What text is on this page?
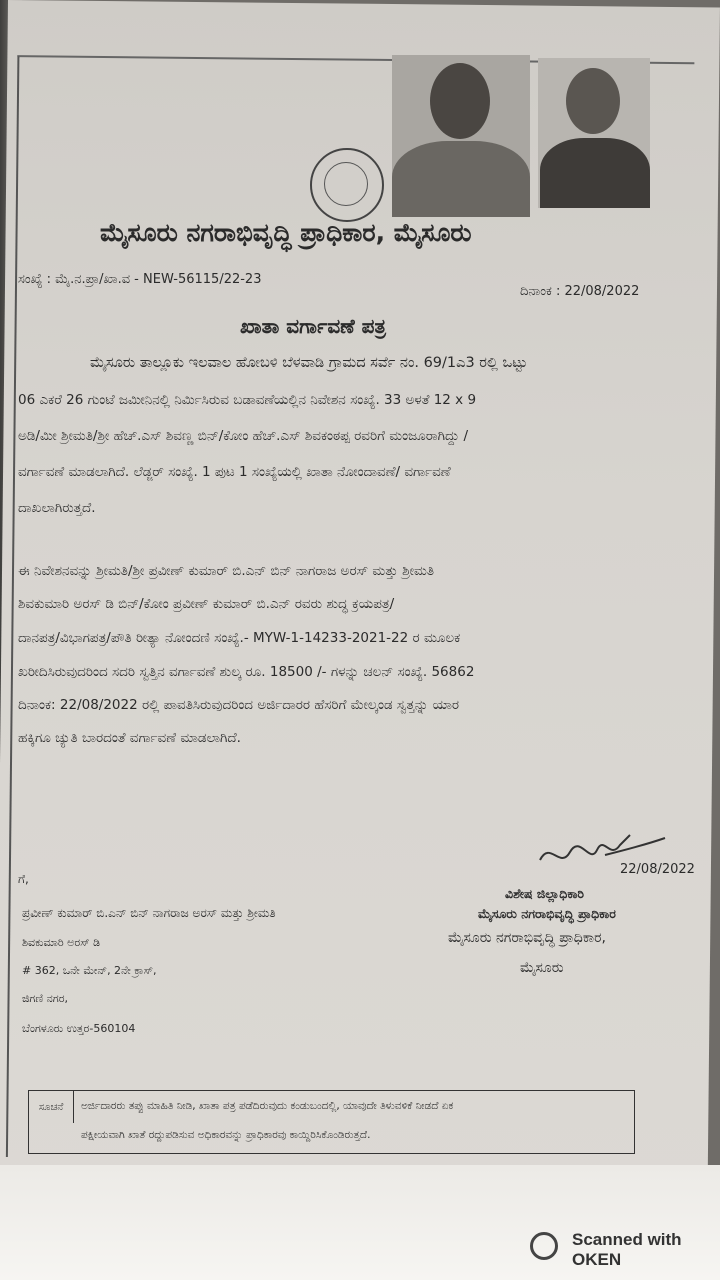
ಮೈಸೂರು ನಗರಾಭಿವೃದ್ಧಿ ಪ್ರಾಧಿಕಾರ, ಮೈಸೂರು
ಸಂಖ್ಯೆ : ಮೈ.ನ.ಪ್ರಾ/ಖಾ.ವ - NEW-56115/22-23
ದಿನಾಂಕ : 22/08/2022
ಖಾತಾ ವರ್ಗಾವಣೆ ಪತ್ರ
ಮೈಸೂರು ತಾಲ್ಲೂಕು ಇಲವಾಲ ಹೋಬಳಿ ಬೆಳವಾಡಿ ಗ್ರಾಮದ ಸರ್ವೆ ನಂ. 69/1ಎ3 ರಲ್ಲಿ ಒಟ್ಟು
06 ಎಕರೆ 26 ಗುಂಟೆ ಜಮೀನಿನಲ್ಲಿ ನಿರ್ಮಿಸಿರುವ ಬಡಾವಣೆಯಲ್ಲಿನ ನಿವೇಶನ ಸಂಖ್ಯೆ. 33 ಅಳತೆ 12 x 9
ಅಡಿ/ಮೀ ಶ್ರೀಮತಿ/ಶ್ರೀ ಹೆಚ್.ಎಸ್ ಶಿವಣ್ಣ ಬಿನ್/ಕೋಂ ಹೆಚ್.ಎಸ್ ಶಿವಕಂಠಪ್ಪ ರವರಿಗೆ ಮಂಜೂರಾಗಿದ್ದು /
ವರ್ಗಾವಣೆ ಮಾಡಲಾಗಿದೆ. ಲೆಡ್ಜರ್ ಸಂಖ್ಯೆ. 1 ಪುಟ 1 ಸಂಖ್ಯೆಯಲ್ಲಿ ಖಾತಾ ನೋಂದಾವಣೆ/ ವರ್ಗಾವಣೆ
ದಾಖಲಾಗಿರುತ್ತದೆ.
ಈ ನಿವೇಶನವನ್ನು ಶ್ರೀಮತಿ/ಶ್ರೀ ಪ್ರವೀಣ್ ಕುಮಾರ್ ಬಿ.ಎನ್ ಬಿನ್ ನಾಗರಾಜ ಅರಸ್ ಮತ್ತು ಶ್ರೀಮತಿ
ಶಿವಕುಮಾರಿ ಅರಸ್ ಡಿ ಬಿನ್/ಕೋಂ ಪ್ರವೀಣ್ ಕುಮಾರ್ ಬಿ.ಎನ್ ರವರು ಶುದ್ಧ ಕ್ರಯಪತ್ರ/
ದಾನಪತ್ರ/ವಿಭಾಗಪತ್ರ/ಪೌತಿ ರೀತ್ಯಾ ನೋಂದಣಿ ಸಂಖ್ಯೆ.- MYW-1-14233-2021-22 ರ ಮೂಲಕ
ಖರೀದಿಸಿರುವುದರಿಂದ ಸದರಿ ಸ್ವತ್ತಿನ ವರ್ಗಾವಣೆ ಶುಲ್ಕ ರೂ. 18500 /- ಗಳನ್ನು ಚಲನ್ ಸಂಖ್ಯೆ. 56862
ದಿನಾಂಕ: 22/08/2022 ರಲ್ಲಿ ಪಾವತಿಸಿರುವುದರಿಂದ ಅರ್ಜಿದಾರರ ಹೆಸರಿಗೆ ಮೇಲ್ಕಂಡ ಸ್ವತ್ತನ್ನು ಯಾರ
ಹಕ್ಕಿಗೂ ಚ್ಯುತಿ ಬಾರದಂತೆ ವರ್ಗಾವಣೆ ಮಾಡಲಾಗಿದೆ.
22/08/2022
ವಿಶೇಷ ಜಿಲ್ಲಾಧಿಕಾರಿ
ಮೈಸೂರು ನಗರಾಭಿವೃದ್ಧಿ ಪ್ರಾಧಿಕಾರ
ಮೈಸೂರು ನಗರಾಭಿವೃದ್ಧಿ ಪ್ರಾಧಿಕಾರ,
ಮೈಸೂರು
ಗೆ,
ಪ್ರವೀಣ್ ಕುಮಾರ್ ಬಿ.ಎನ್ ಬಿನ್ ನಾಗರಾಜ ಅರಸ್ ಮತ್ತು ಶ್ರೀಮತಿ
ಶಿವಕುಮಾರಿ ಅರಸ್ ಡಿ
# 362, ಒನೇ ಮೇನ್, 2ನೇ ಕ್ರಾಸ್,
ಜಿಗಣಿ ನಗರ,
ಬೆಂಗಳೂರು ಉತ್ತರ-560104
ಸೂಚನೆ	ಅರ್ಜಿದಾರರು ತಪ್ಪು ಮಾಹಿತಿ ನೀಡಿ, ಖಾತಾ ಪತ್ರ ಪಡೆದಿರುವುದು ಕಂಡುಬಂದಲ್ಲಿ, ಯಾವುದೇ ತಿಳುವಳಿಕೆ ನೀಡದೆ ಏಕ
ಪಕ್ಷೀಯವಾಗಿ ಖಾತೆ ರದ್ದುಪಡಿಸುವ ಅಧಿಕಾರವನ್ನು ಪ್ರಾಧಿಕಾರವು ಕಾಯ್ದಿರಿಸಿಕೊಂಡಿರುತ್ತದೆ.
Scanned with OKEN
